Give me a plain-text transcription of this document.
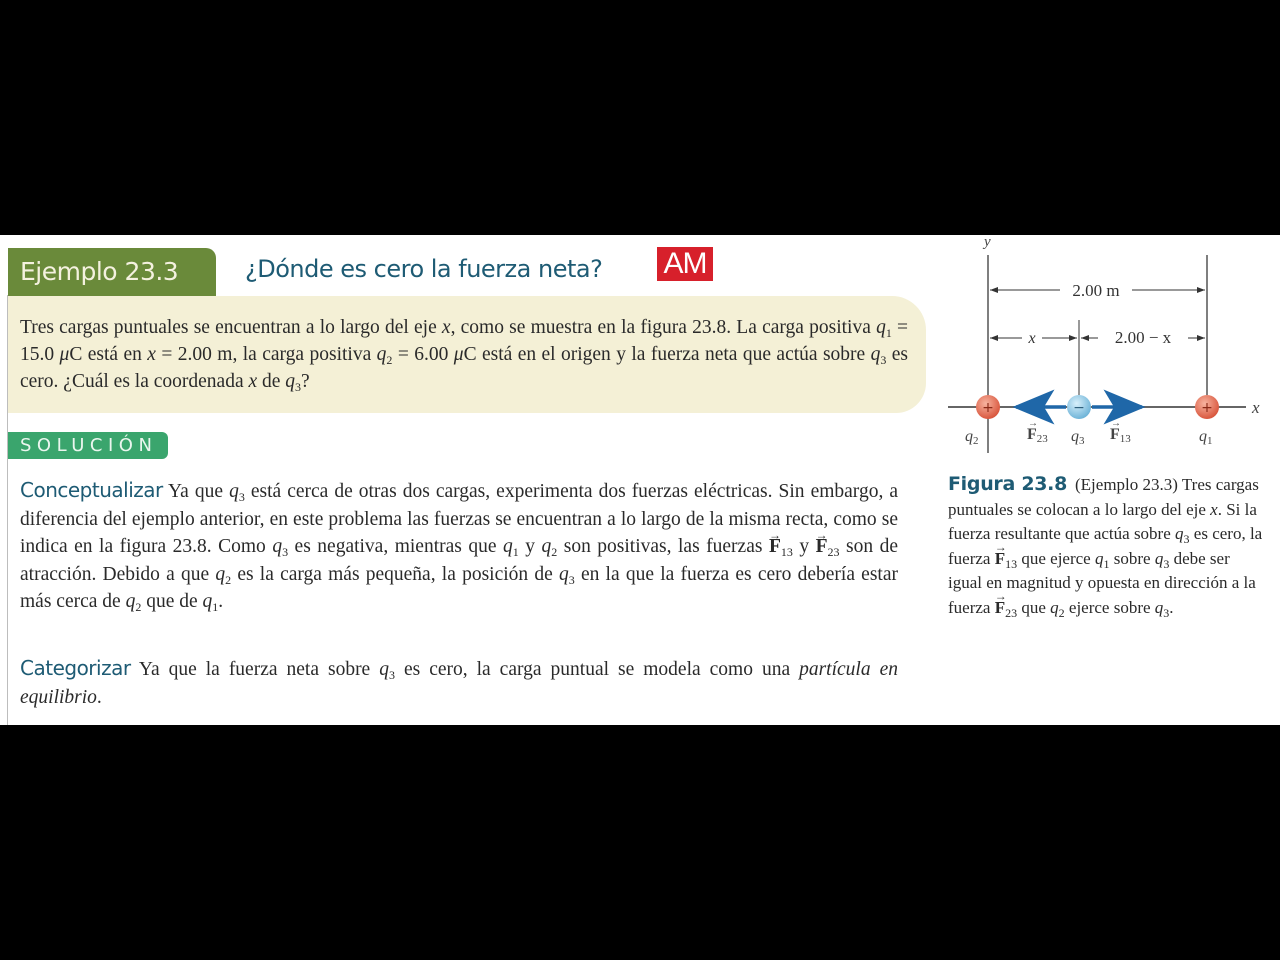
Ejemplo 23.3	¿Dónde es cero la fuerza neta? AM

Tres cargas puntuales se encuentran a lo largo del eje x, como se muestra en la figura 23.8. La carga positiva $q_1 = 15.0$ μC está en x = 2.00 m, la carga positiva $q_2 = 6.00$ μC está en el origen y la fuerza neta que actúa sobre $q_3$ es cero. ¿Cuál es la coordenada x de $q_3$?

SOLUCIÓN

Conceptualizar Ya que $q_3$ está cerca de otras dos cargas, experimenta dos fuerzas eléctricas. Sin embargo, a diferencia del ejemplo anterior, en este problema las fuerzas se encuentran a lo largo de la misma recta, como se indica en la figura 23.8. Como $q_3$ es negativa, mientras que $q_1$ y $q_2$ son positivas, las fuerzas → $F_{13}$ $y \to F_{23}$ son de atracción. Debido a que $q_2$ es la carga más pequeña, la posición de $q_3$ en la que la fuerza es cero debería estar más cerca de $q_2$ que de $q_1$.

Categorizar Ya que la fuerza neta sobre $q_3$ es cero, la carga puntual se modela como una partícula en equilibrio.

y
2.00 m
x	2.00 − x
x
+	−	+
q2	q3	q1
F23	F13
→	→

Figura 23.8 (Ejemplo 23.3) Tres cargas puntuales se colocan a lo largo del eje x. Si la fuerza resultante que actúa sobre $q_3$ es cero, la fuerza → $F_{13}$ que ejerce $q_1$ sobre $q_3$ debe ser igual en magnitud y opuesta en dirección a la fuerza → $F_{23}$ que $q_2$ ejerce sobre $q_3$.
